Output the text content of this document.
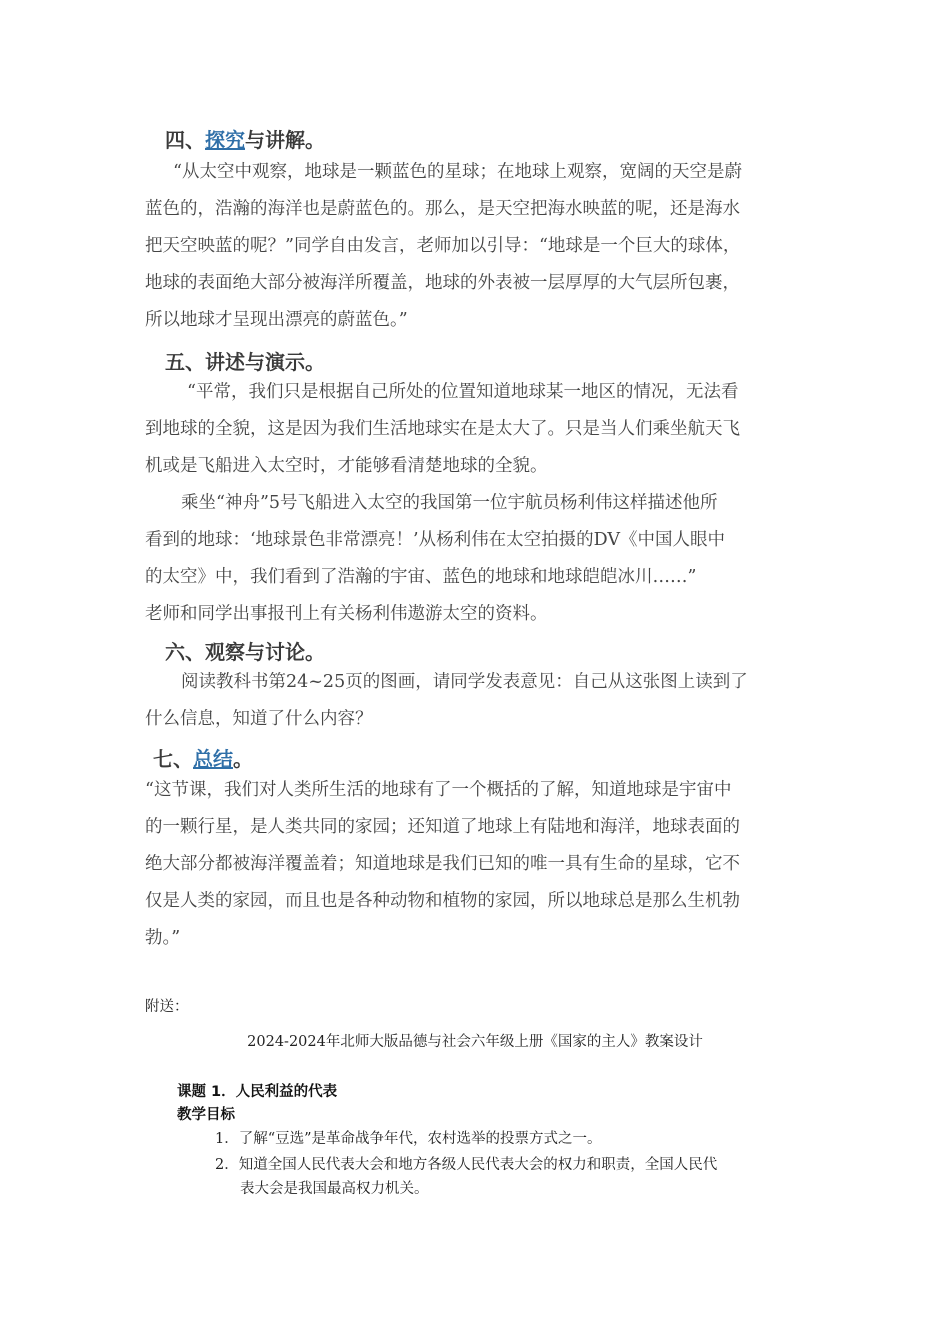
四、探究与讲解。
“从太空中观察，地球是一颗蓝色的星球；在地球上观察，宽阔的天空是蔚
蓝色的，浩瀚的海洋也是蔚蓝色的。那么，是天空把海水映蓝的呢，还是海水
把天空映蓝的呢？”同学自由发言，老师加以引导：“地球是一个巨大的球体，
地球的表面绝大部分被海洋所覆盖，地球的外表被一层厚厚的大气层所包裹，
所以地球才呈现出漂亮的蔚蓝色。”
五、讲述与演示。
“平常，我们只是根据自己所处的位置知道地球某一地区的情况，无法看
到地球的全貌，这是因为我们生活地球实在是太大了。只是当人们乘坐航天飞
机或是飞船进入太空时，才能够看清楚地球的全貌。
乘坐“神舟”5号飞船进入太空的我国第一位宇航员杨利伟这样描述他所
看到的地球：‘地球景色非常漂亮！’从杨利伟在太空拍摄的DV《中国人眼中
的太空》中，我们看到了浩瀚的宇宙、蓝色的地球和地球皑皑冰川……”
老师和同学出事报刊上有关杨利伟遨游太空的资料。
六、观察与讨论。
阅读教科书第24~25页的图画，请同学发表意见：自己从这张图上读到了
什么信息，知道了什么内容？
七、总结。
“这节课，我们对人类所生活的地球有了一个概括的了解，知道地球是宇宙中
的一颗行星，是人类共同的家园；还知道了地球上有陆地和海洋，地球表面的
绝大部分都被海洋覆盖着；知道地球是我们已知的唯一具有生命的星球，它不
仅是人类的家园，而且也是各种动物和植物的家园，所以地球总是那么生机勃
勃。”
附送：
2024-2024年北师大版品德与社会六年级上册《国家的主人》教案设计
课题 1．人民利益的代表
教学目标
1．了解“豆选”是革命战争年代，农村选举的投票方式之一。
2．知道全国人民代表大会和地方各级人民代表大会的权力和职责，全国人民代
表大会是我国最高权力机关。
